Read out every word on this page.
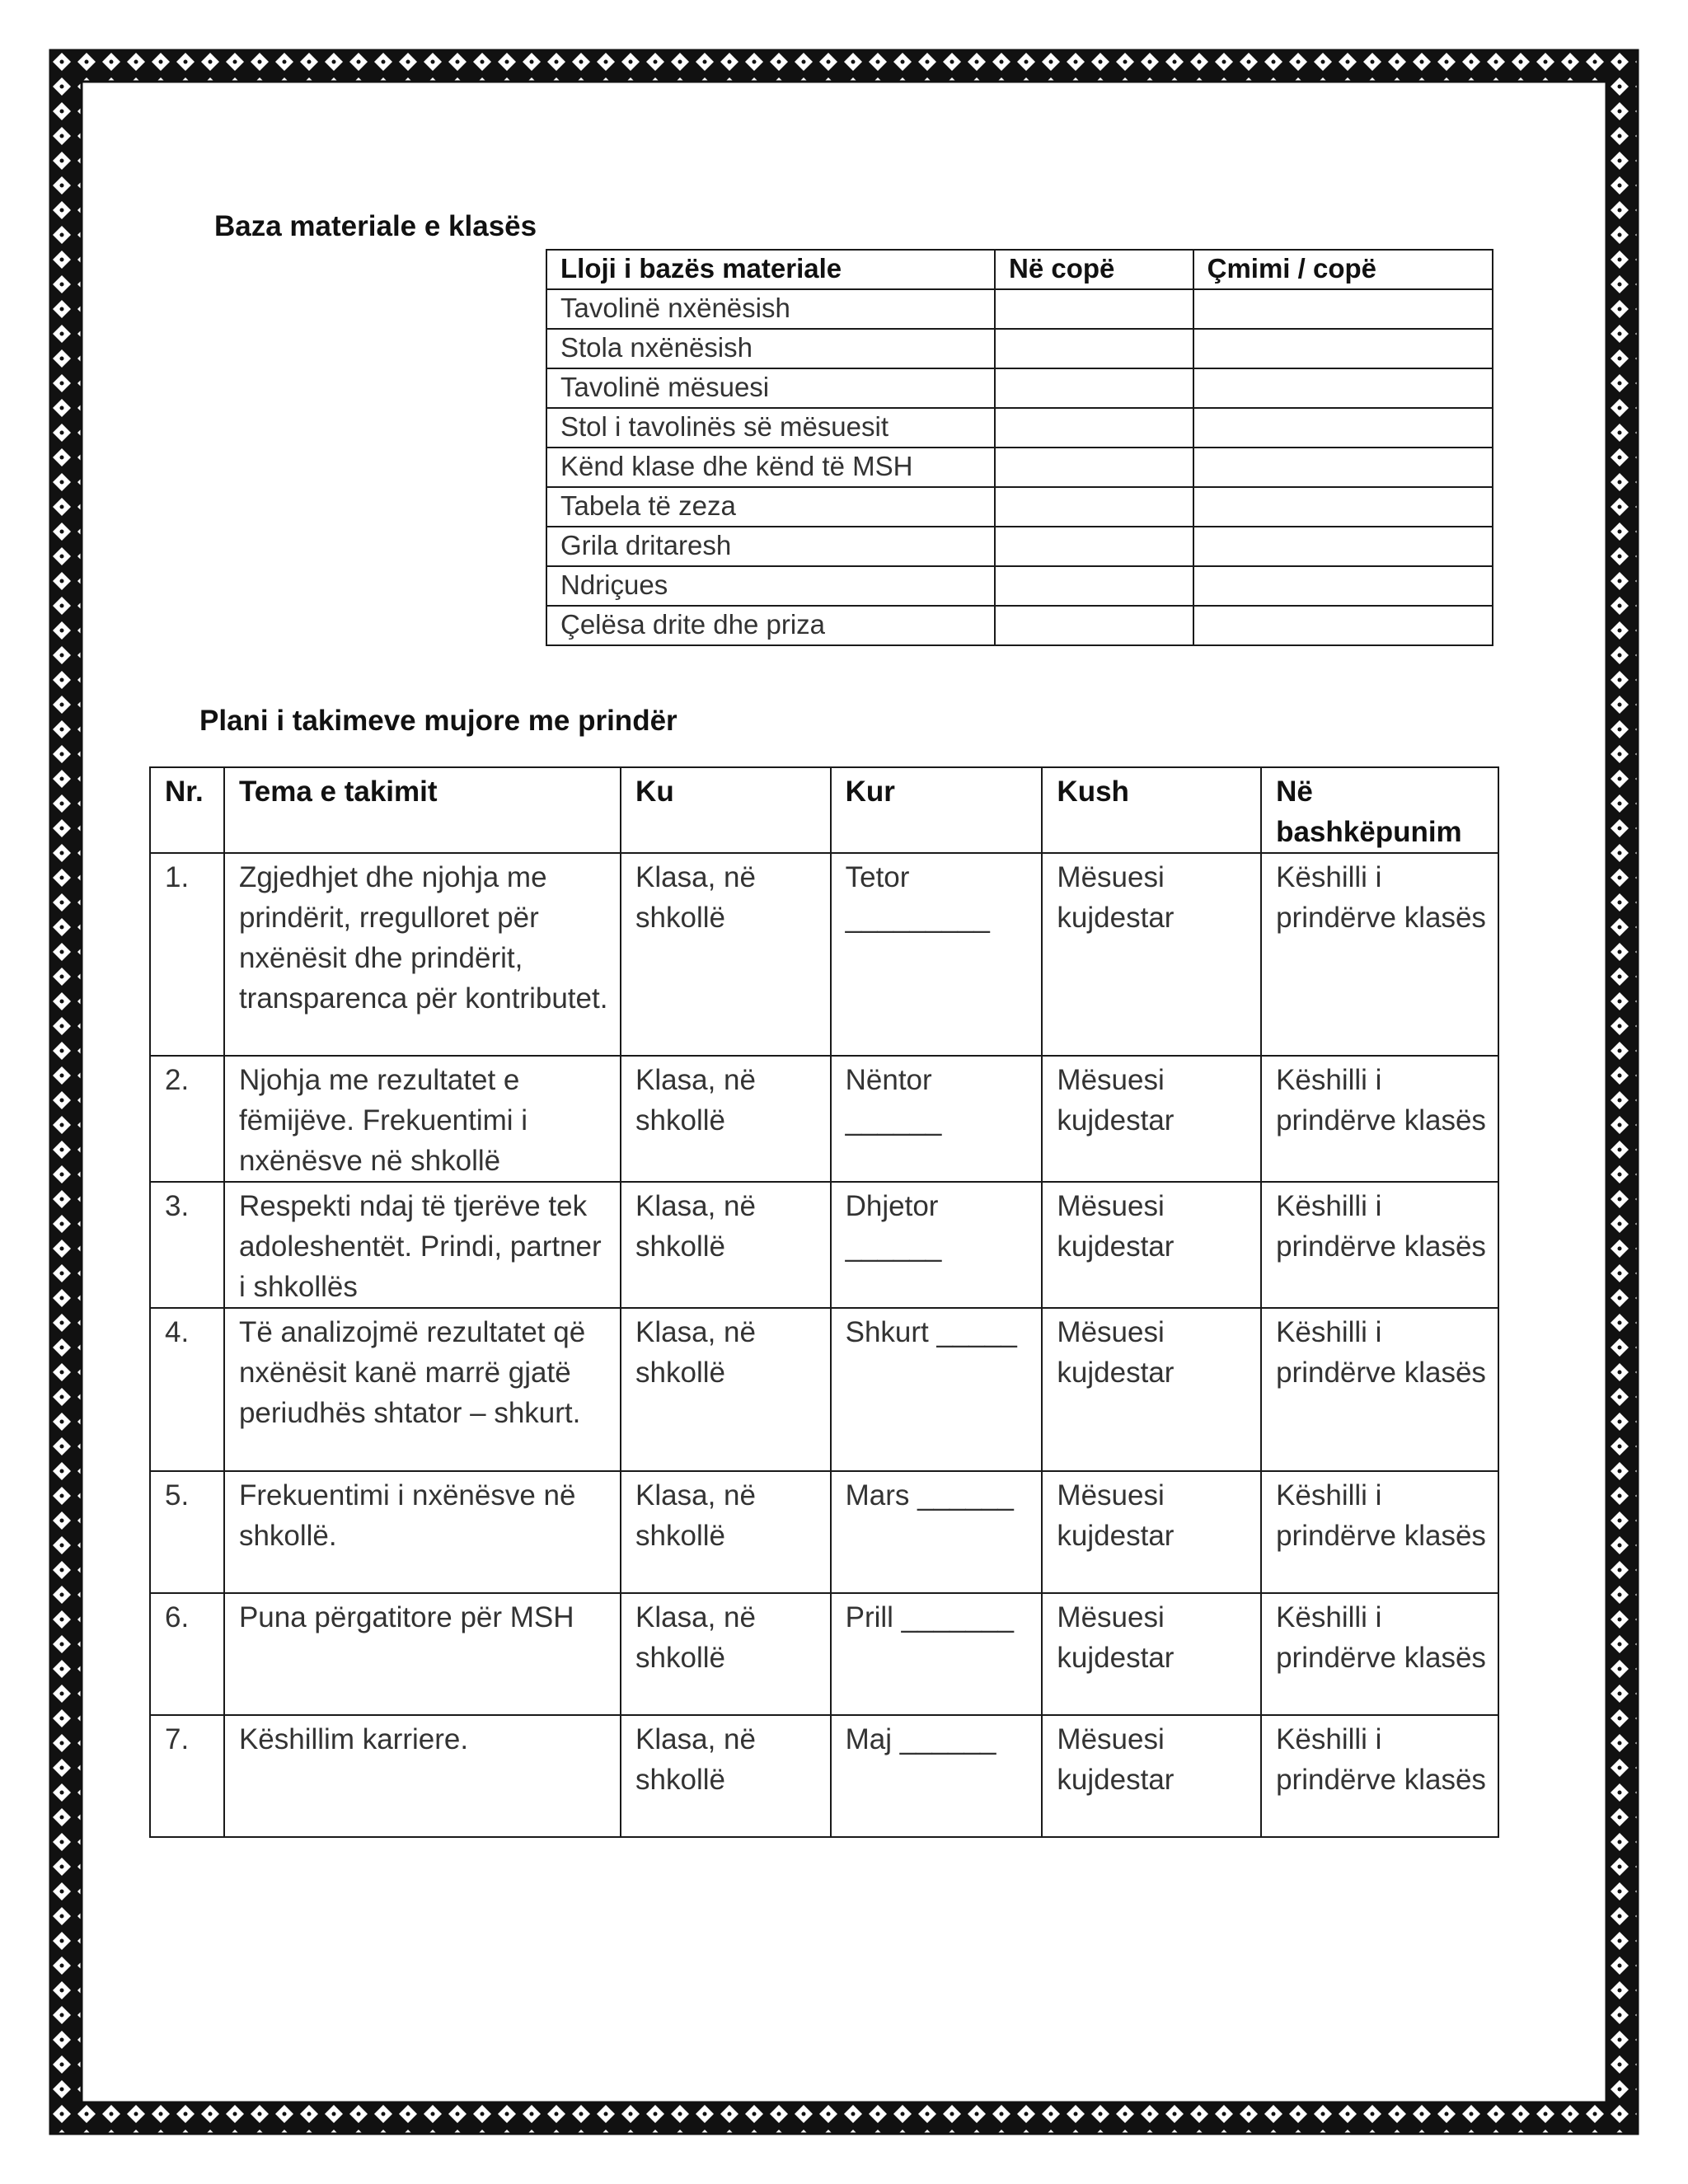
Baza materiale e klasës
Lloji i bazës materiale	Në copë	Çmimi / copë
Tavolinë nxënësish		
Stola nxënësish		
Tavolinë mësuesi		
Stol i tavolinës së mësuesit		
Kënd klase dhe kënd të MSH		
Tabela të zeza		
Grila dritaresh		
Ndriçues		
Çelësa drite dhe priza		
Plani i takimeve mujore me prindër
Nr.	Tema e takimit	Ku	Kur	Kush	Në bashkëpunim
1.	Zgjedhjet dhe njohja me prindërit, rregulloret për nxënësit dhe prindërit, transparenca për kontributet.	Klasa, në shkollë	Tetor _________	Mësuesi kujdestar	Këshilli i prindërve klasës
2.	Njohja me rezultatet e fëmijëve. Frekuentimi i nxënësve në shkollë	Klasa, në shkollë	Nëntor ______	Mësuesi kujdestar	Këshilli i prindërve klasës
3.	Respekti ndaj të tjerëve tek adoleshentët. Prindi, partner i shkollës	Klasa, në shkollë	Dhjetor ______	Mësuesi kujdestar	Këshilli i prindërve klasës
4.	Të analizojmë rezultatet që nxënësit kanë marrë gjatë periudhës shtator – shkurt.	Klasa, në shkollë	Shkurt _____	Mësuesi kujdestar	Këshilli i prindërve klasës
5.	Frekuentimi i nxënësve në shkollë.	Klasa, në shkollë	Mars ______	Mësuesi kujdestar	Këshilli i prindërve klasës
6.	Puna përgatitore për MSH	Klasa, në shkollë	Prill _______	Mësuesi kujdestar	Këshilli i prindërve klasës
7.	Këshillim karriere.	Klasa, në shkollë	Maj ______	Mësuesi kujdestar	Këshilli i prindërve klasës
